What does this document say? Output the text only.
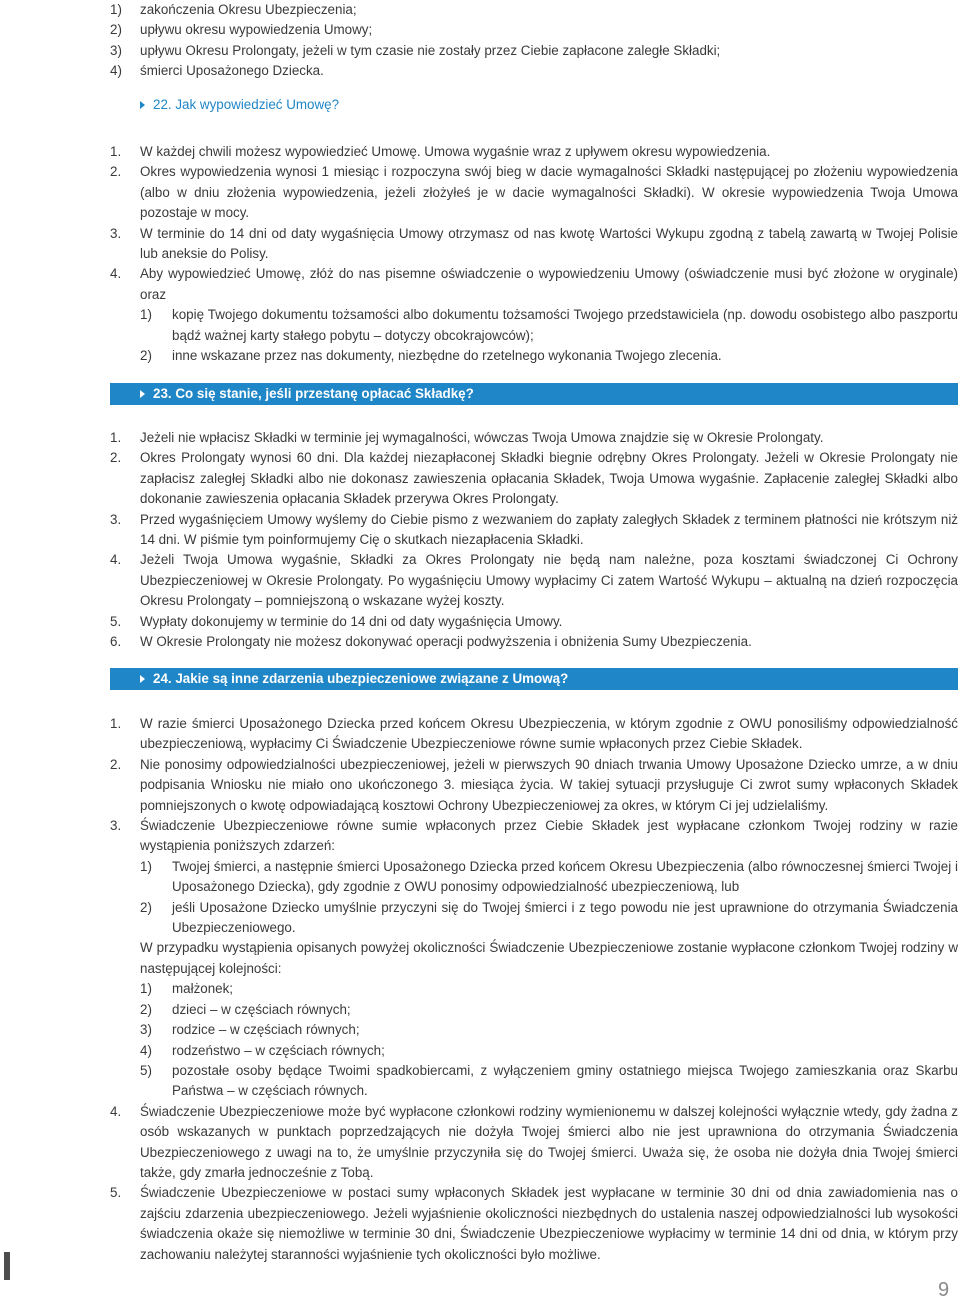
1)	zakończenia Okresu Ubezpieczenia;
2)	upływu okresu wypowiedzenia Umowy;
3)	upływu Okresu Prolongaty, jeżeli w tym czasie nie zostały przez Ciebie zapłacone zaległe Składki;
4)	śmierci Uposażonego Dziecka.
22. Jak wypowiedzieć Umowę?
1.	W każdej chwili możesz wypowiedzieć Umowę. Umowa wygaśnie wraz z upływem okresu wypowiedzenia.
2.	Okres wypowiedzenia wynosi 1 miesiąc i rozpoczyna swój bieg w dacie wymagalności Składki następującej po złożeniu wypowiedzenia (albo w dniu złożenia wypowiedzenia, jeżeli złożyłeś je w dacie wymagalności Składki). W okresie wypowiedzenia Twoja Umowa pozostaje w mocy.
3.	W terminie do 14 dni od daty wygaśnięcia Umowy otrzymasz od nas kwotę Wartości Wykupu zgodną z tabelą zawartą w Twojej Polisie lub aneksie do Polisy.
4.	Aby wypowiedzieć Umowę, złóż do nas pisemne oświadczenie o wypowiedzeniu Umowy (oświadczenie musi być złożone w oryginale) oraz
1)	kopię Twojego dokumentu tożsamości albo dokumentu tożsamości Twojego przedstawiciela (np. dowodu osobistego albo paszportu bądź ważnej karty stałego pobytu – dotyczy obcokrajowców);
2)	inne wskazane przez nas dokumenty, niezbędne do rzetelnego wykonania Twojego zlecenia.
23. Co się stanie, jeśli przestanę opłacać Składkę?
1.	Jeżeli nie wpłacisz Składki w terminie jej wymagalności, wówczas Twoja Umowa znajdzie się w Okresie Prolongaty.
2.	Okres Prolongaty wynosi 60 dni. Dla każdej niezapłaconej Składki biegnie odrębny Okres Prolongaty. Jeżeli w Okresie Prolongaty nie zapłacisz zaległej Składki albo nie dokonasz zawieszenia opłacania Składek, Twoja Umowa wygaśnie. Zapłacenie zaległej Składki albo dokonanie zawieszenia opłacania Składek przerywa Okres Prolongaty.
3.	Przed wygaśnięciem Umowy wyślemy do Ciebie pismo z wezwaniem do zapłaty zaległych Składek z terminem płatności nie krótszym niż 14 dni. W piśmie tym poinformujemy Cię o skutkach niezapłacenia Składki.
4.	Jeżeli Twoja Umowa wygaśnie, Składki za Okres Prolongaty nie będą nam należne, poza kosztami świadczonej Ci Ochrony Ubezpieczeniowej w Okresie Prolongaty. Po wygaśnięciu Umowy wypłacimy Ci zatem Wartość Wykupu – aktualną na dzień rozpoczęcia Okresu Prolongaty – pomniejszoną o wskazane wyżej koszty.
5.	Wypłaty dokonujemy w terminie do 14 dni od daty wygaśnięcia Umowy.
6.	W Okresie Prolongaty nie możesz dokonywać operacji podwyższenia i obniżenia Sumy Ubezpieczenia.
24. Jakie są inne zdarzenia ubezpieczeniowe związane z Umową?
1.	W razie śmierci Uposażonego Dziecka przed końcem Okresu Ubezpieczenia, w którym zgodnie z OWU ponosiliśmy odpowiedzialność ubezpieczeniową, wypłacimy Ci Świadczenie Ubezpieczeniowe równe sumie wpłaconych przez Ciebie Składek.
2.	Nie ponosimy odpowiedzialności ubezpieczeniowej, jeżeli w pierwszych 90 dniach trwania Umowy Uposażone Dziecko umrze, a w dniu podpisania Wniosku nie miało ono ukończonego 3. miesiąca życia. W takiej sytuacji przysługuje Ci zwrot sumy wpłaconych Składek pomniejszonych o kwotę odpowiadającą kosztowi Ochrony Ubezpieczeniowej za okres, w którym Ci jej udzielaliśmy.
3.	Świadczenie Ubezpieczeniowe równe sumie wpłaconych przez Ciebie Składek jest wypłacane członkom Twojej rodziny w razie wystąpienia poniższych zdarzeń:
1)	Twojej śmierci, a następnie śmierci Uposażonego Dziecka przed końcem Okresu Ubezpieczenia (albo równoczesnej śmierci Twojej i Uposażonego Dziecka), gdy zgodnie z OWU ponosimy odpowiedzialność ubezpieczeniową, lub
2)	jeśli Uposażone Dziecko umyślnie przyczyni się do Twojej śmierci i z tego powodu nie jest uprawnione do otrzymania Świadczenia Ubezpieczeniowego.
W przypadku wystąpienia opisanych powyżej okoliczności Świadczenie Ubezpieczeniowe zostanie wypłacone członkom Twojej rodziny w następującej kolejności:
1)	małżonek;
2)	dzieci – w częściach równych;
3)	rodzice – w częściach równych;
4)	rodzeństwo – w częściach równych;
5)	pozostałe osoby będące Twoimi spadkobiercami, z wyłączeniem gminy ostatniego miejsca Twojego zamieszkania oraz Skarbu Państwa – w częściach równych.
4.	Świadczenie Ubezpieczeniowe może być wypłacone członkowi rodziny wymienionemu w dalszej kolejności wyłącznie wtedy, gdy żadna z osób wskazanych w punktach poprzedzających nie dożyła Twojej śmierci albo nie jest uprawniona do otrzymania Świadczenia Ubezpieczeniowego z uwagi na to, że umyślnie przyczyniła się do Twojej śmierci. Uważa się, że osoba nie dożyła dnia Twojej śmierci także, gdy zmarła jednocześnie z Tobą.
5.	Świadczenie Ubezpieczeniowe w postaci sumy wpłaconych Składek jest wypłacane w terminie 30 dni od dnia zawiadomienia nas o zajściu zdarzenia ubezpieczeniowego. Jeżeli wyjaśnienie okoliczności niezbędnych do ustalenia naszej odpowiedzialności lub wysokości świadczenia okaże się niemożliwe w terminie 30 dni, Świadczenie Ubezpieczeniowe wypłacimy w terminie 14 dni od dnia, w którym przy zachowaniu należytej staranności wyjaśnienie tych okoliczności było możliwe.
9
